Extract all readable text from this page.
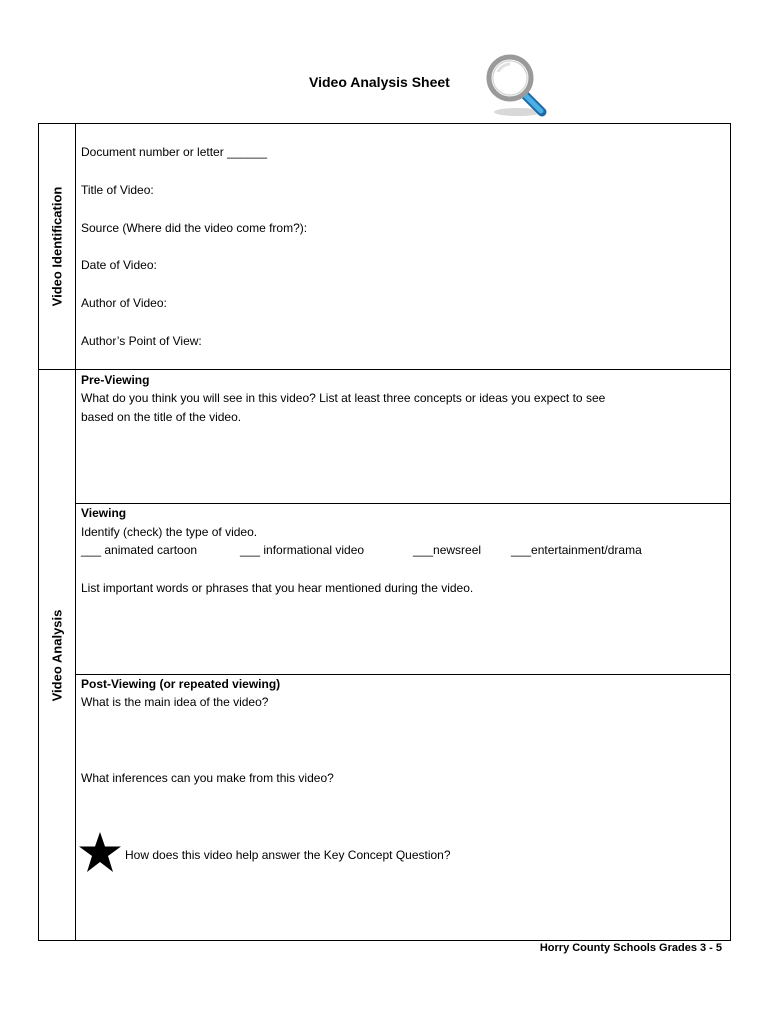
Video Analysis Sheet
Video Identification
Video Analysis
Document number or letter ______
Title of Video:
Source (Where did the video come from?):
Date of Video:
Author of Video:
Author’s Point of View:
Pre-Viewing
What do you think you will see in this video? List at least three concepts or ideas you expect to see
based on the title of the video.
Viewing
Identify (check) the type of video.
___ animated cartoon	___ informational video	___newsreel ___entertainment/drama
List important words or phrases that you hear mentioned during the video.
Post-Viewing (or repeated viewing)
What is the main idea of the video?
What inferences can you make from this video?
How does this video help answer the Key Concept Question?
Horry County Schools Grades 3 - 5
